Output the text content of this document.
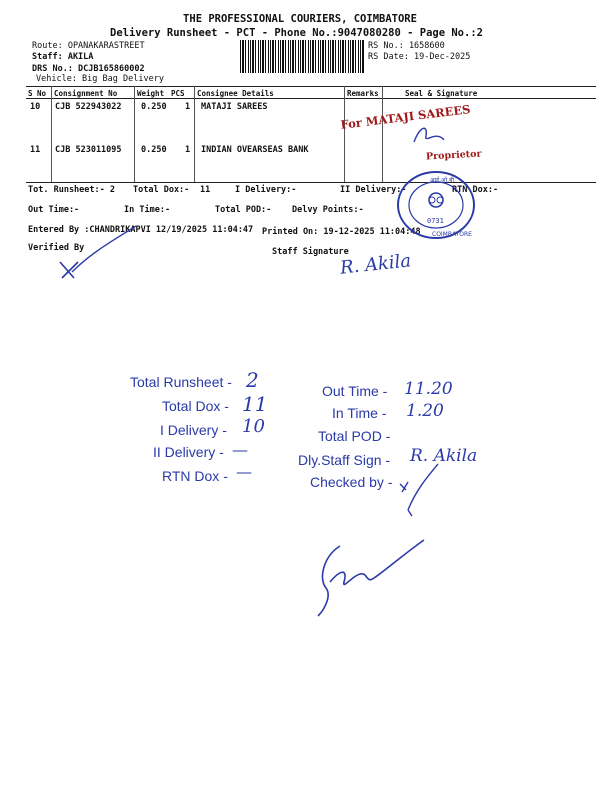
THE PROFESSIONAL COURIERS, COIMBATORE
Delivery Runsheet - PCT - Phone No.:9047080280 - Page No.:2
Route: OPANAKARASTREET
Staff: AKILA
DRS No.: DCJB165860002
Vehicle: Big Bag Delivery
RS No.: 1658600
RS Date: 19-Dec-2025
S No Consignment No	Weight PCS Consignee Details	Remarks	Seal & Signature
10 CJB 522943022 0.250 1 MATAJI SAREES
11 CJB 523011095 0.250 1 INDIAN OVEARSEAS BANK
Tot. Runsheet:- 2 Total Dox:- 11	I Delivery:-	II Delivery:-	RTN Dox:-
Out Time:-	In Time:-	Total POD:- Delvy Points:-
Entered By :CHANDRIKAPVI 12/19/2025 11:04:47 Printed On: 19-12-2025 11:04:48
Verified By	Staff Signature
For MATAJI SAREES
Proprietor
आई.ओ.बी
0731
COIMBATORE
R. Akila
Total Runsheet - 2
Total Dox - 11
I Delivery - 10
II Delivery - —
RTN Dox - —
Out Time - 11.20
In Time - 1.20
Total POD -
Dly.Staff Sign - R. Akila
Checked by -
